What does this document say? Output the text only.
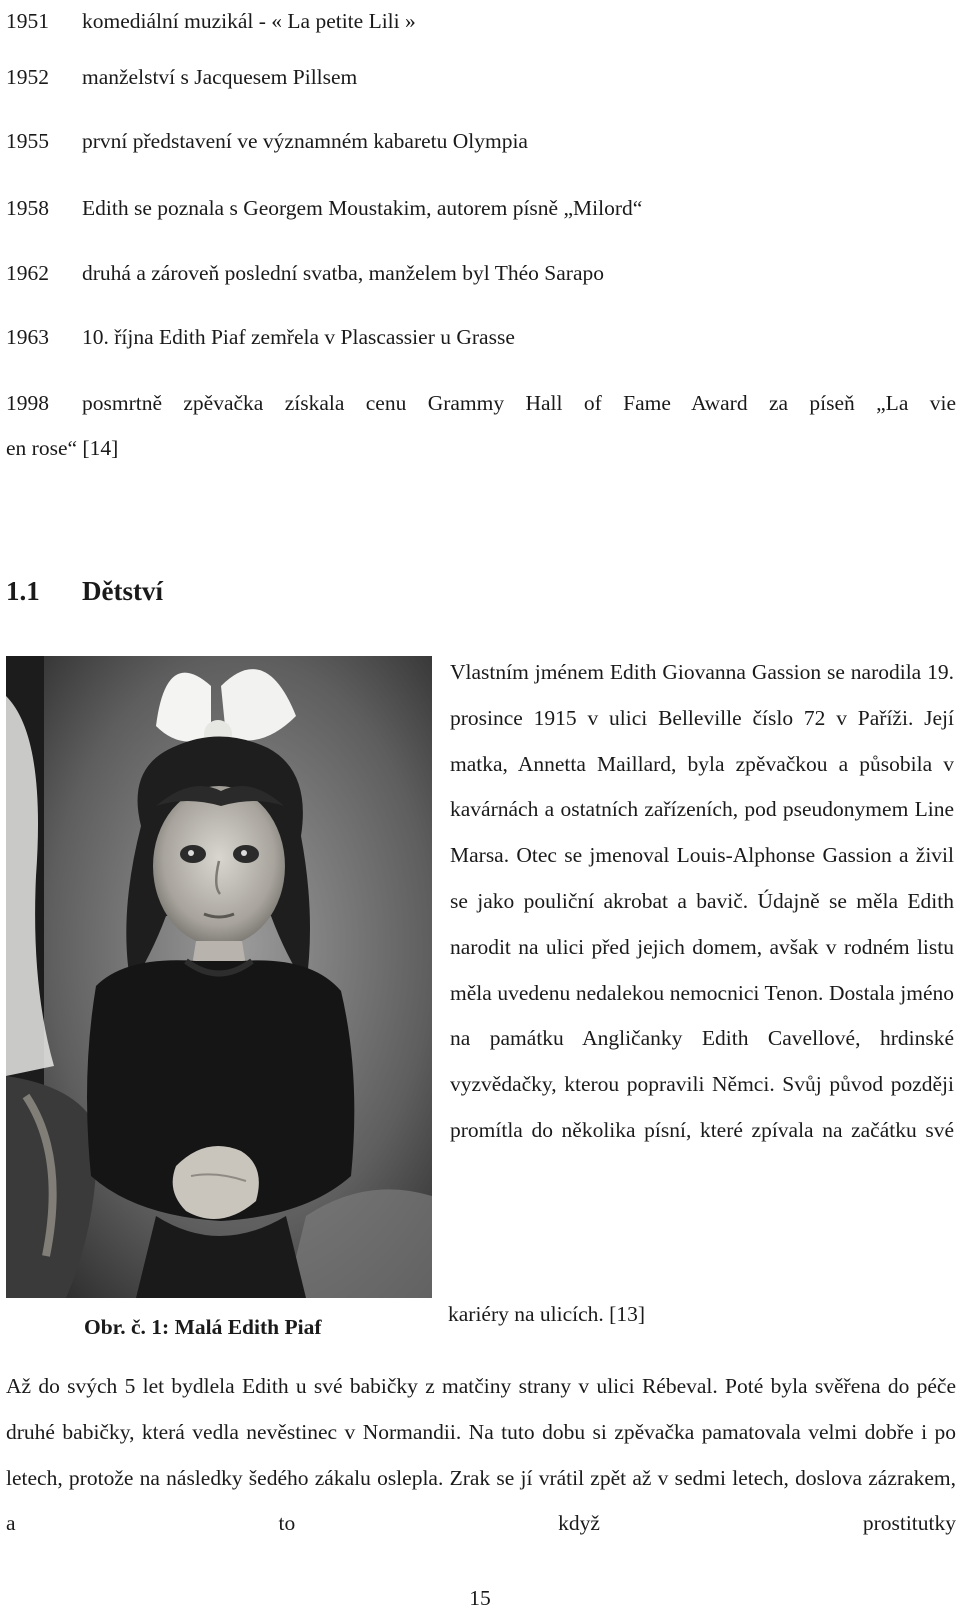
1951 komediální muzikál - « La petite Lili »
1952 manželství s Jacquesem Pillsem
1955 první představení ve významném kabaretu Olympia
1958 Edith se poznala s Georgem Moustakim, autorem písně „Milord“
1962 druhá a zároveň poslední svatba, manželem byl Théo Sarapo
1963 10. října Edith Piaf zemřela v Plascassier u Grasse
1998	posmrtně zpěvačka získala cenu Grammy Hall of Fame Award za píseň „La vie
en rose“ [14]
1.1 Dětství
Obr. č. 1: Malá Edith Piaf
Vlastním jménem Edith Giovanna Gassion se narodila 19. prosince 1915 v ulici Belleville číslo 72 v Paříži. Její matka, Annetta Maillard, byla zpěvačkou a působila v kavárnách a ostatních zařízeních, pod pseudonymem Line Marsa. Otec se jmenoval Louis-Alphonse Gassion a živil se jako pouliční akrobat a bavič. Údajně se měla Edith narodit na ulici před jejich domem, avšak v rodném listu měla uvedenu nedalekou nemocnici Tenon. Dostala jméno na památku Angličanky Edith Cavellové, hrdinské vyzvědačky, kterou popravili Němci. Svůj původ později promítla do několika písní, které zpívala na začátku své
kariéry na ulicích. [13]
Až do svých 5 let bydlela Edith u své babičky z matčiny strany v ulici Rébeval. Poté byla svěřena do péče druhé babičky, která vedla nevěstinec v Normandii. Na tuto dobu si zpěvačka pamatovala velmi dobře i po letech, protože na následky šedého zákalu oslepla. Zrak se jí vrátil zpět až v sedmi letech, doslova zázrakem, a to když prostitutky
15
